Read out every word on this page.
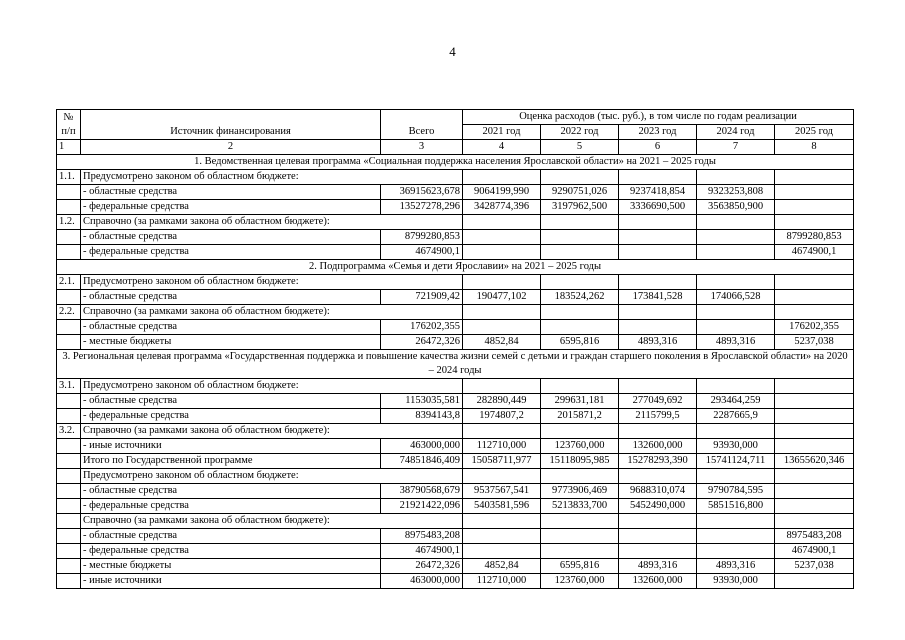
4
№
п/п	Источник финансирования	Всего	Оценка расходов (тыс. руб.), в том числе по годам реализации				
			2021 год	2022 год	2023 год	2024 год	2025 год
1	2	3	4	5	6	7	8
1. Ведомственная целевая программа «Социальная поддержка населения Ярославской области» на 2021 – 2025 годы							
1.1.	Предусмотрено законом об областном бюджете:						
	- областные средства	36915623,678	9064199,990	9290751,026	9237418,854	9323253,808	
	- федеральные средства	13527278,296	3428774,396	3197962,500	3336690,500	3563850,900	
1.2.	Справочно (за рамками закона об областном бюджете):						
	- областные средства	8799280,853					8799280,853
	- федеральные средства	4674900,1					4674900,1
2. Подпрограмма «Семья и дети Ярославии» на 2021 – 2025 годы							
2.1.	Предусмотрено законом об областном бюджете:						
	- областные средства	721909,42	190477,102	183524,262	173841,528	174066,528	
2.2.	Справочно (за рамками закона об областном бюджете):						
	- областные средства	176202,355					176202,355
	- местные бюджеты	26472,326	4852,84	6595,816	4893,316	4893,316	5237,038
3. Региональная целевая программа «Государственная поддержка и повышение качества жизни семей с детьми и граждан старшего поколения в Ярославской области» на 2020 – 2024 годы							
3.1.	Предусмотрено законом об областном бюджете:						
	- областные средства	1153035,581	282890,449	299631,181	277049,692	293464,259	
	- федеральные средства	8394143,8	1974807,2	2015871,2	2115799,5	2287665,9	
3.2.	Справочно (за рамками закона об областном бюджете):						
	- иные источники	463000,000	112710,000	123760,000	132600,000	93930,000	
	Итого по Государственной программе	74851846,409	15058711,977	15118095,985	15278293,390	15741124,711	13655620,346
	Предусмотрено законом об областном бюджете:						
	- областные средства	38790568,679	9537567,541	9773906,469	9688310,074	9790784,595	
	- федеральные средства	21921422,096	5403581,596	5213833,700	5452490,000	5851516,800	
	Справочно (за рамками закона об областном бюджете):						
	- областные средства	8975483,208					8975483,208
	- федеральные средства	4674900,1					4674900,1
	- местные бюджеты	26472,326	4852,84	6595,816	4893,316	4893,316	5237,038
	- иные источники	463000,000	112710,000	123760,000	132600,000	93930,000	
